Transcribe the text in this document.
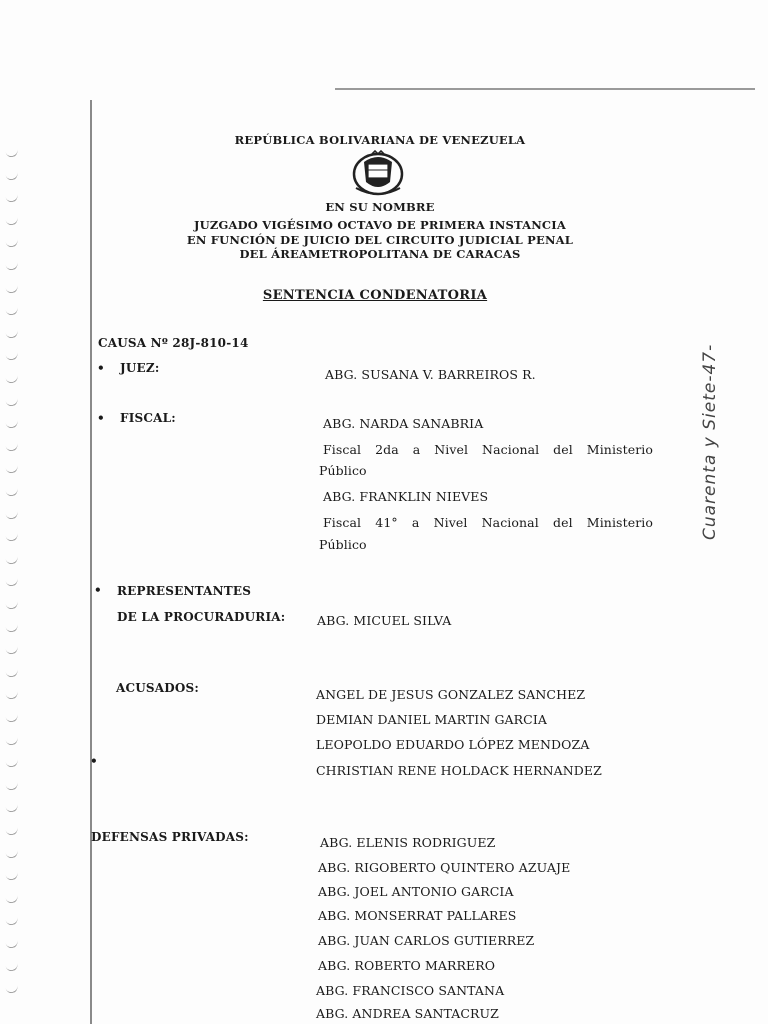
REPÚBLICA BOLIVARIANA DE VENEZUELA
EN SU NOMBRE
JUZGADO VIGÉSIMO OCTAVO DE PRIMERA INSTANCIA
EN FUNCIÓN DE JUICIO DEL CIRCUITO JUDICIAL PENAL
DEL ÁREAMETROPOLITANA DE CARACAS
SENTENCIA CONDENATORIA
CAUSA Nº 28J-810-14
• JUEZ:	ABG. SUSANA V. BARREIROS R.
• FISCAL:	ABG. NARDA SANABRIA
Fiscal 2da a Nivel Nacional del Ministerio
Público
ABG. FRANKLIN NIEVES
Fiscal 41° a Nivel Nacional del Ministerio
Público
• REPRESENTANTES
DE LA PROCURADURIA:	ABG. MICUEL SILVA
ACUSADOS:	ANGEL DE JESUS GONZALEZ SANCHEZ
DEMIAN DANIEL MARTIN GARCIA
LEOPOLDO EDUARDO LÓPEZ MENDOZA
•
CHRISTIAN RENE HOLDACK HERNANDEZ
DEFENSAS PRIVADAS:	ABG. ELENIS RODRIGUEZ
ABG. RIGOBERTO QUINTERO AZUAJE
ABG. JOEL ANTONIO GARCIA
ABG. MONSERRAT PALLARES
ABG. JUAN CARLOS GUTIERREZ
ABG. ROBERTO MARRERO
ABG. FRANCISCO SANTANA
ABG. ANDREA SANTACRUZ
Cuarenta y Siete-47-
